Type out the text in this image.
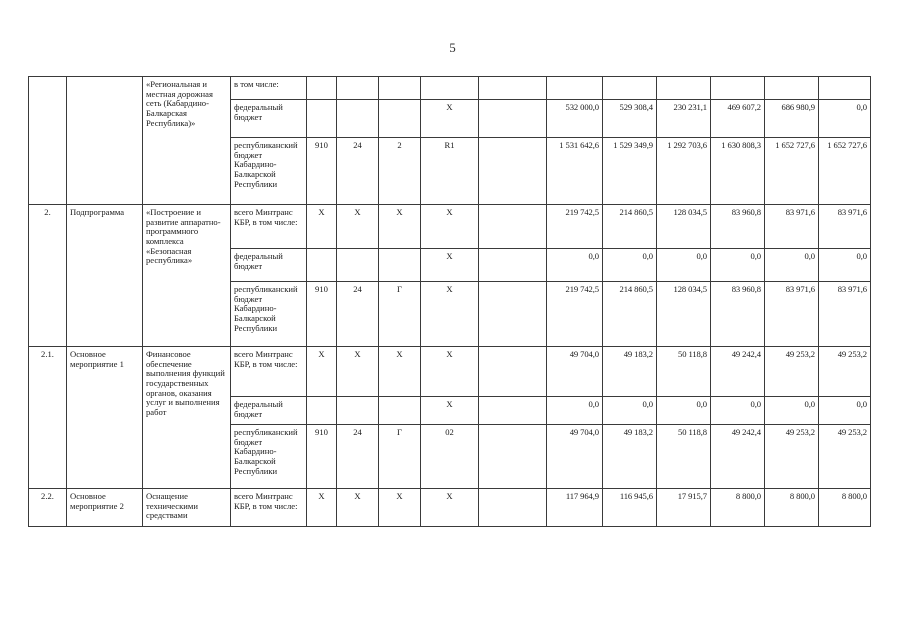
5
		«Региональная и местная дорожная сеть (Кабардино-Балкарская Республика)»	в том числе:											
			федеральный бюджет				X		532 000,0	529 308,4	230 231,1	469 607,2	686 980,9	0,0
			республиканский бюджет Кабардино-Балкарской Республики	910	24	2	R1		1 531 642,6	1 529 349,9	1 292 703,6	1 630 808,3	1 652 727,6	1 652 727,6
2.	Подпрограмма	«Построение и развитие аппаратно-программного комплекса «Безопасная республика»	всего Минтранс КБР, в том числе:	X	X	X	X		219 742,5	214 860,5	128 034,5	83 960,8	83 971,6	83 971,6
			федеральный бюджет				X		0,0	0,0	0,0	0,0	0,0	0,0
			республиканский бюджет Кабардино-Балкарской Республики	910	24	Г	X		219 742,5	214 860,5	128 034,5	83 960,8	83 971,6	83 971,6
2.1.	Основное мероприятие 1	Финансовое обеспечение выполнения функций государственных органов, оказания услуг и выполнения работ	всего Минтранс КБР, в том числе:	X	X	X	X		49 704,0	49 183,2	50 118,8	49 242,4	49 253,2	49 253,2
			федеральный бюджет				X		0,0	0,0	0,0	0,0	0,0	0,0
			республиканский бюджет Кабардино-Балкарской Республики	910	24	Г	02		49 704,0	49 183,2	50 118,8	49 242,4	49 253,2	49 253,2
2.2.	Основное мероприятие 2	Оснащение техническими средствами	всего Минтранс КБР, в том числе:	X	X	X	X		117 964,9	116 945,6	17 915,7	8 800,0	8 800,0	8 800,0
